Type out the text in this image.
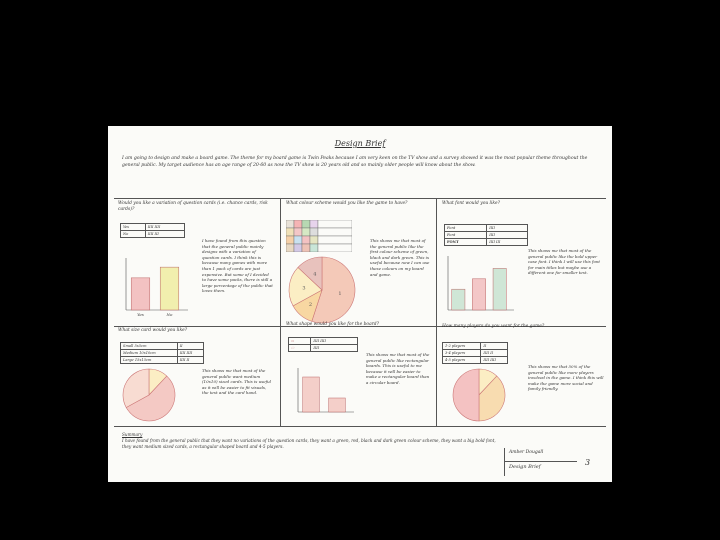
Design Brief
I am going to design and make a board game. The theme for my board game is Twin Peaks because I am very keen on the TV show and a survey showed it was the most popular theme throughout the general public. My target audience has an age range of 20-60 as now the TV show is 20 years old and so mainly older people will know about the show.
Would you like a variation of question cards (i.e. chance cards, risk cards)?
Yes	IIII IIII
No	IIII III
Yes	No
I have found from this question that the general public mainly designs with a variation of question cards. I think this is because many games with more than 1 pack of cards are just expensive. But some of I decided to have some packs, there is still a large percentage of the public that loves them.
What colour scheme would you like the game to have?
1
2
3
4
This shows me that most of the general public like the first colour scheme of green, black and dark green. This is useful because now I can use these colours on my board and game.
What font would you like?
Font	IIII
Font	IIII
FONT	IIII III
This shows me that most of the general public like the bold upper case font. I think I will use this font for main titles but maybe use a different one for smaller text.
What size card would you like?
Small 5x5cm	II
Medium 10x10cm	IIII IIII
Large 15x15cm	IIII II
This shows me that most of the general public want medium (10x10) sized cards. This is useful as it will be easier to fit visuals, the text and the card hand.
What shape would you like for the board?
▭	IIII IIII
⬭	IIII
This shows me that most of the general public like rectangular boards. This is useful to me because it will be easier to make a rectangular board than a circular board.
How many players do you want for the game?
1-2 players	II
3-4 players	IIII II
4-5 players	IIII IIII
This shows me that 50% of the general public like more players involved in the game. I think this will make the game more social and family friendly.
Summary
I have found from the general public that they want no variations of the question cards, they want a green, red, black and dark green colour scheme, they want a big bold font, they want medium sized cards, a rectangular shaped board and 4-5 players.
Amber Dougall
Design Brief	3
